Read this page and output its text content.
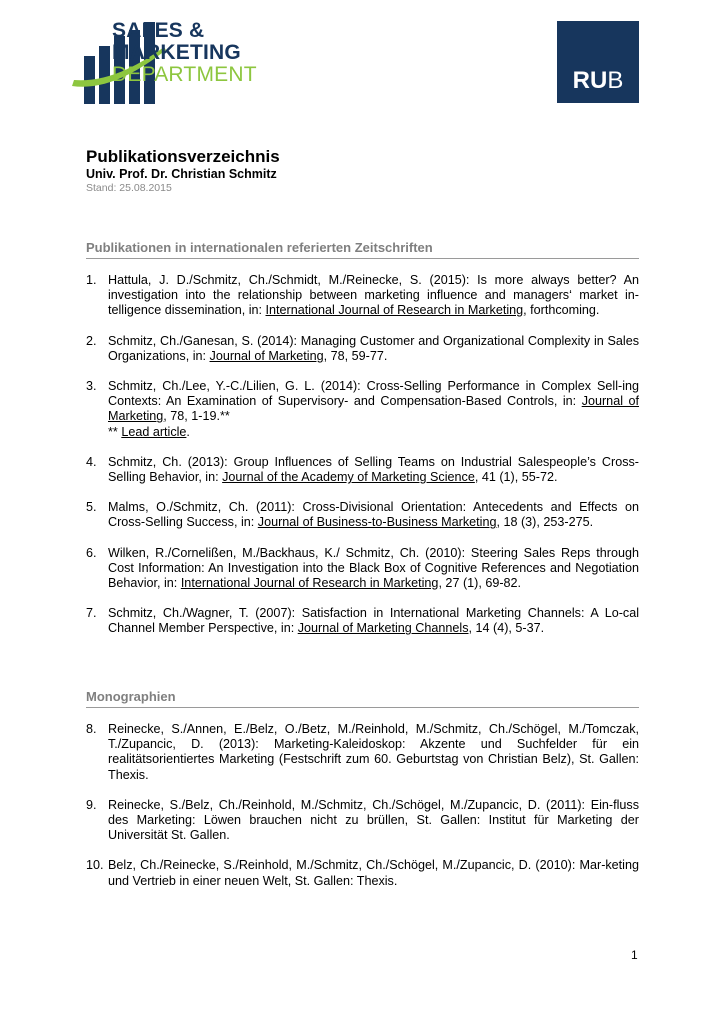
SALES &
MARKETING
DEPARTMENT	RUB
Publikationsverzeichnis
Univ. Prof. Dr. Christian Schmitz
Stand: 25.08.2015
Publikationen in internationalen referierten Zeitschriften
1. Hattula, J. D./Schmitz, Ch./Schmidt, M./Reinecke, S. (2015): Is more always better? An investigation into the relationship between marketing influence and managers‘ market in-telligence dissemination, in: International Journal of Research in Marketing, forthcoming.
2. Schmitz, Ch./Ganesan, S. (2014): Managing Customer and Organizational Complexity in Sales Organizations, in: Journal of Marketing, 78, 59-77.
3. Schmitz, Ch./Lee, Y.-C./Lilien, G. L. (2014): Cross-Selling Performance in Complex Sell-ing Contexts: An Examination of Supervisory- and Compensation-Based Controls, in: Journal of Marketing, 78, 1-19.**
** Lead article.
4. Schmitz, Ch. (2013): Group Influences of Selling Teams on Industrial Salespeople’s Cross-Selling Behavior, in: Journal of the Academy of Marketing Science, 41 (1), 55-72.
5. Malms, O./Schmitz, Ch. (2011): Cross-Divisional Orientation: Antecedents and Effects on Cross-Selling Success, in: Journal of Business-to-Business Marketing, 18 (3), 253-275.
6. Wilken, R./Cornelißen, M./Backhaus, K./ Schmitz, Ch. (2010): Steering Sales Reps through Cost Information: An Investigation into the Black Box of Cognitive References and Negotiation Behavior, in: International Journal of Research in Marketing, 27 (1), 69-82.
7. Schmitz, Ch./Wagner, T. (2007): Satisfaction in International Marketing Channels: A Lo-cal Channel Member Perspective, in: Journal of Marketing Channels, 14 (4), 5-37.
Monographien
8. Reinecke, S./Annen, E./Belz, O./Betz, M./Reinhold, M./Schmitz, Ch./Schögel, M./Tomczak, T./Zupancic, D. (2013): Marketing-Kaleidoskop: Akzente und Suchfelder für ein realitätsorientiertes Marketing (Festschrift zum 60. Geburtstag von Christian Belz), St. Gallen: Thexis.
9. Reinecke, S./Belz, Ch./Reinhold, M./Schmitz, Ch./Schögel, M./Zupancic, D. (2011): Ein-fluss des Marketing: Löwen brauchen nicht zu brüllen, St. Gallen: Institut für Marketing der Universität St. Gallen.
10. Belz, Ch./Reinecke, S./Reinhold, M./Schmitz, Ch./Schögel, M./Zupancic, D. (2010): Mar-keting und Vertrieb in einer neuen Welt, St. Gallen: Thexis.
1
